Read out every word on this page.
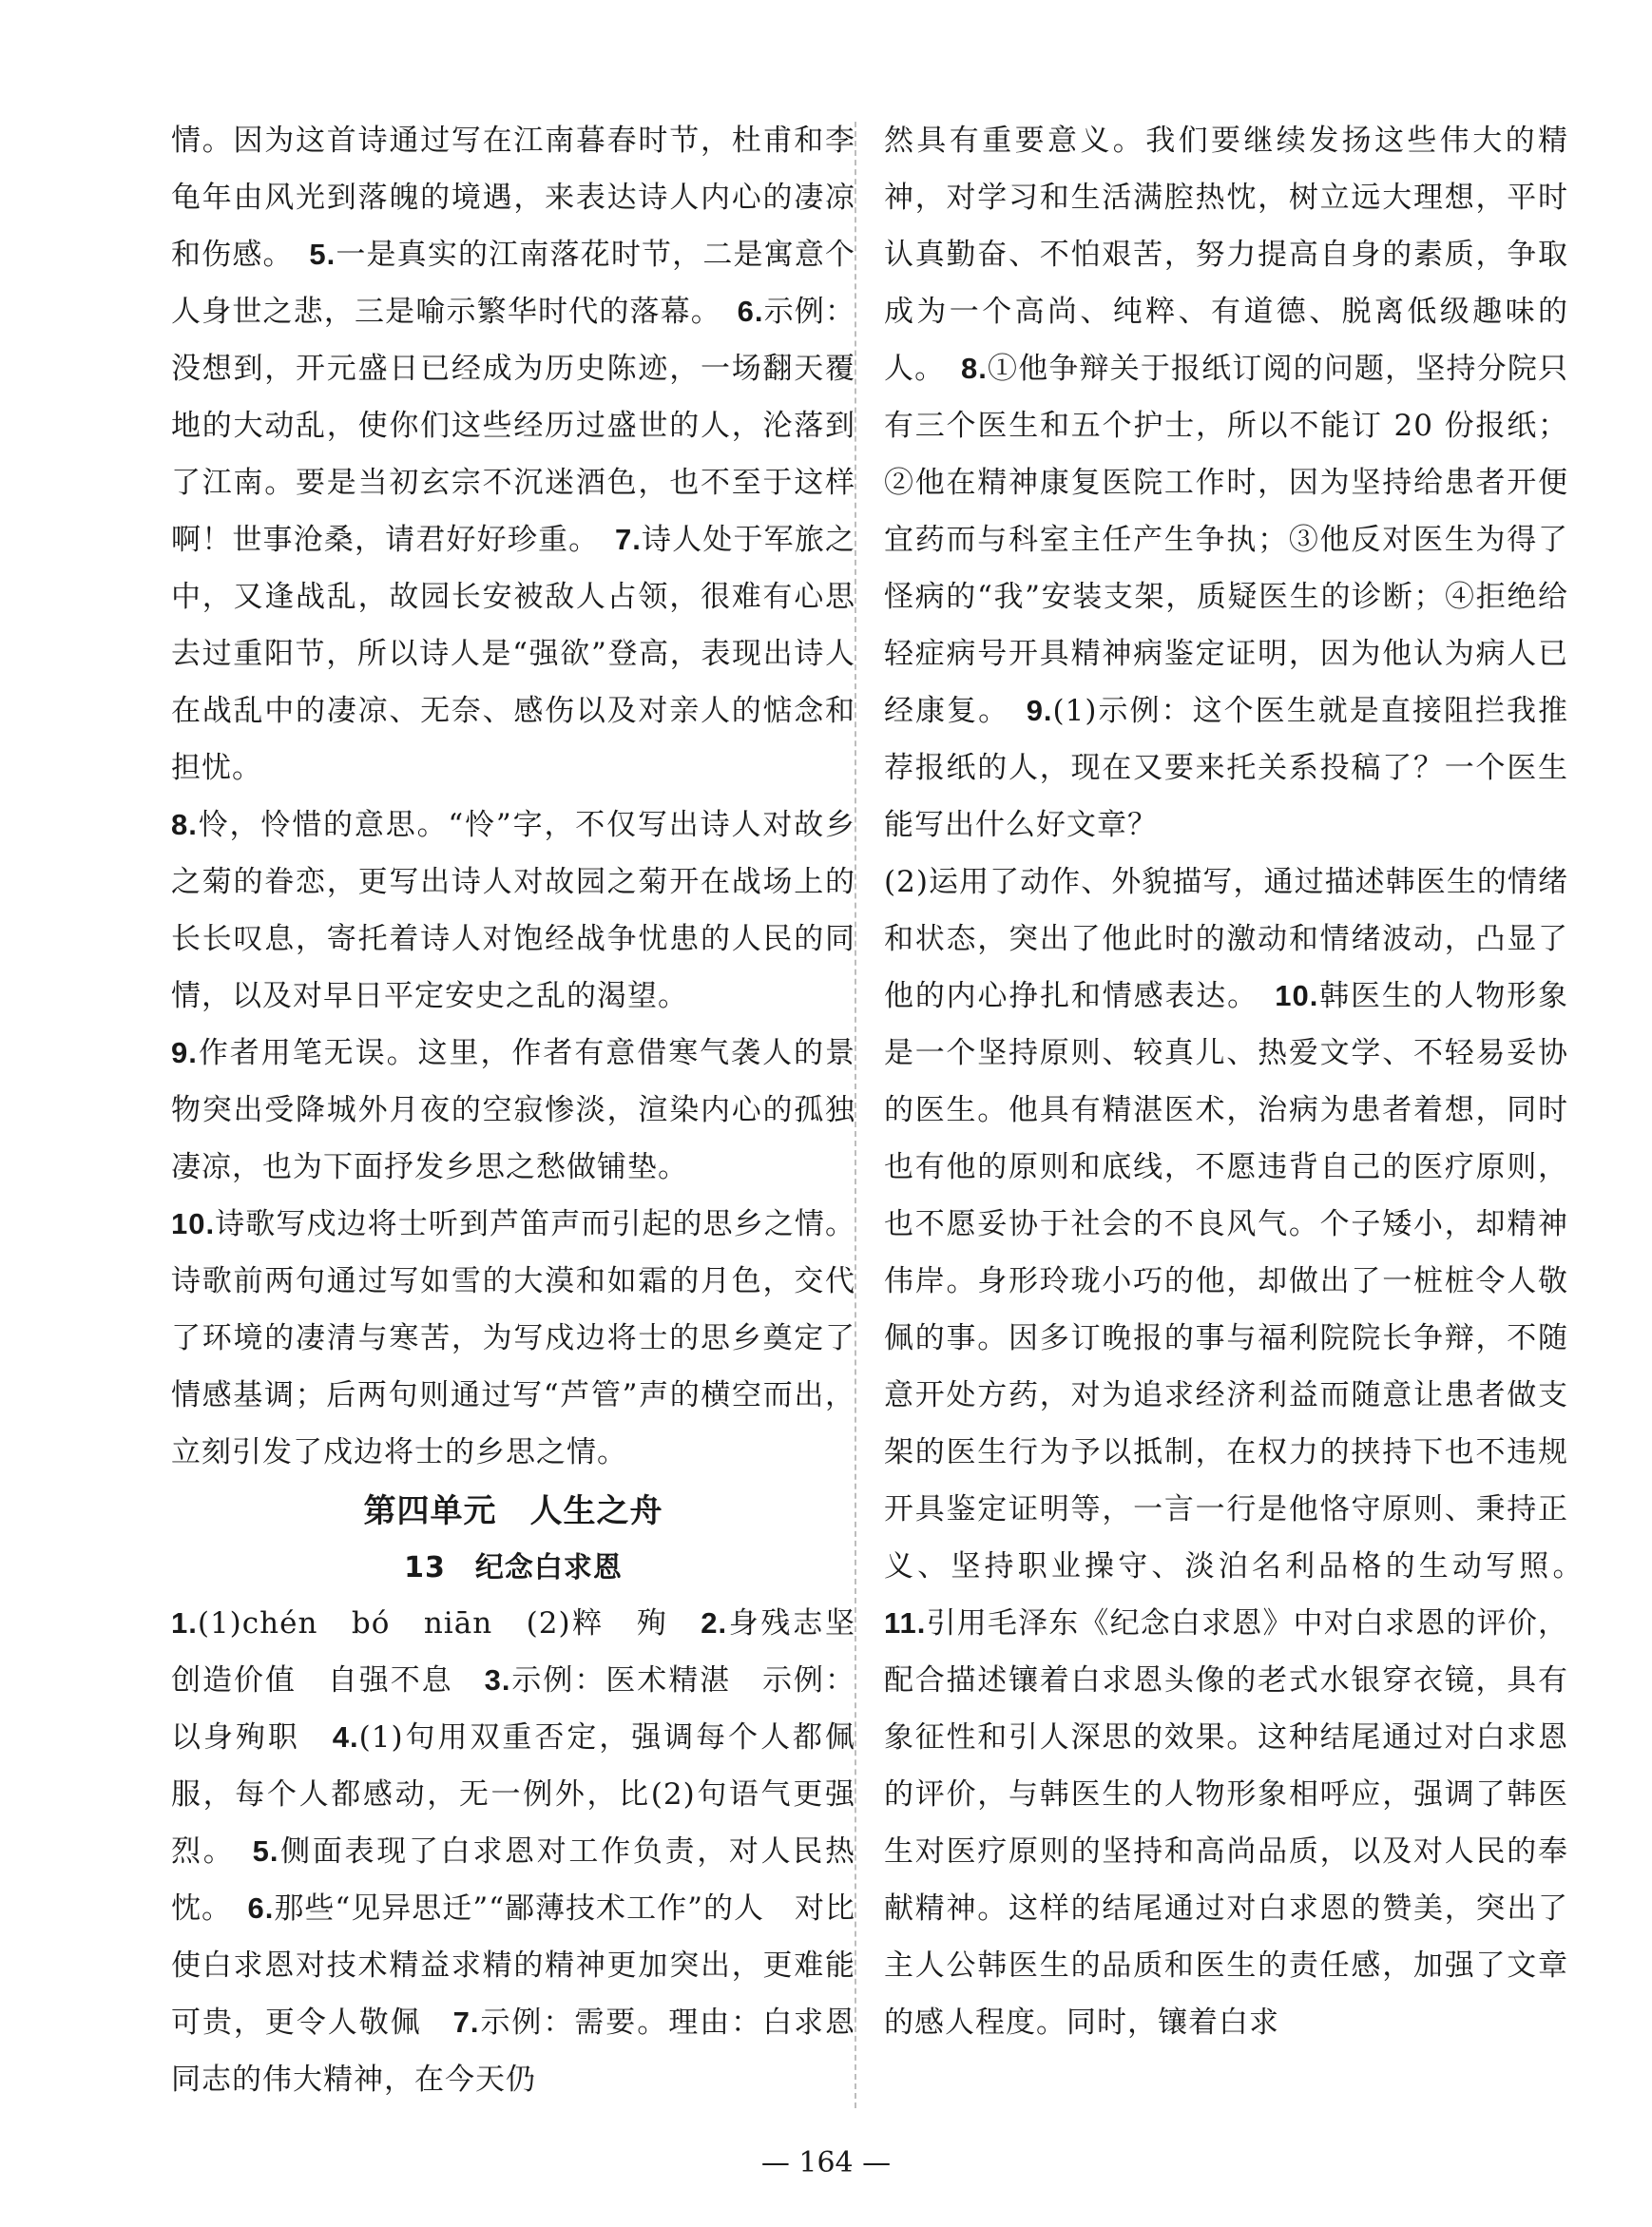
情。因为这首诗通过写在江南暮春时节，杜甫和李龟年由风光到落魄的境遇，来表达诗人内心的凄凉和伤感。　5.一是真实的江南落花时节，二是寓意个人身世之悲，三是喻示繁华时代的落幕。　6.示例：没想到，开元盛日已经成为历史陈迹，一场翻天覆地的大动乱，使你们这些经历过盛世的人，沦落到了江南。要是当初玄宗不沉迷酒色，也不至于这样啊！世事沧桑，请君好好珍重。　7.诗人处于军旅之中，又逢战乱，故园长安被敌人占领，很难有心思去过重阳节，所以诗人是“强欲”登高，表现出诗人在战乱中的凄凉、无奈、感伤以及对亲人的惦念和担忧。

8.怜，怜惜的意思。“怜”字，不仅写出诗人对故乡之菊的眷恋，更写出诗人对故园之菊开在战场上的长长叹息，寄托着诗人对饱经战争忧患的人民的同情，以及对早日平定安史之乱的渴望。

9.作者用笔无误。这里，作者有意借寒气袭人的景物突出受降城外月夜的空寂惨淡，渲染内心的孤独凄凉，也为下面抒发乡思之愁做铺垫。

10.诗歌写戍边将士听到芦笛声而引起的思乡之情。诗歌前两句通过写如雪的大漠和如霜的月色，交代了环境的凄清与寒苦，为写戍边将士的思乡奠定了情感基调；后两句则通过写“芦管”声的横空而出，立刻引发了戍边将士的乡思之情。

第四单元　人生之舟

13　纪念白求恩

1.(1)chén　bó　niān　(2)粹　殉　2.身残志坚创造价值　自强不息　3.示例：医术精湛　示例：以身殉职　4.(1)句用双重否定，强调每个人都佩服，每个人都感动，无一例外，比(2)句语气更强烈。　5.侧面表现了白求恩对工作负责，对人民热忱。　6.那些“见异思迁”“鄙薄技术工作”的人　对比　使白求恩对技术精益求精的精神更加突出，更难能可贵，更令人敬佩　7.示例：需要。理由：白求恩同志的伟大精神，在今天仍

然具有重要意义。我们要继续发扬这些伟大的精神，对学习和生活满腔热忱，树立远大理想，平时认真勤奋、不怕艰苦，努力提高自身的素质，争取成为一个高尚、纯粹、有道德、脱离低级趣味的人。　8.①他争辩关于报纸订阅的问题，坚持分院只有三个医生和五个护士，所以不能订 20 份报纸；②他在精神康复医院工作时，因为坚持给患者开便宜药而与科室主任产生争执；③他反对医生为得了怪病的“我”安装支架，质疑医生的诊断；④拒绝给轻症病号开具精神病鉴定证明，因为他认为病人已经康复。　9.(1)示例：这个医生就是直接阻拦我推荐报纸的人，现在又要来托关系投稿了？一个医生能写出什么好文章？

(2)运用了动作、外貌描写，通过描述韩医生的情绪和状态，突出了他此时的激动和情绪波动，凸显了他的内心挣扎和情感表达。　10.韩医生的人物形象是一个坚持原则、较真儿、热爱文学、不轻易妥协的医生。他具有精湛医术，治病为患者着想，同时也有他的原则和底线，不愿违背自己的医疗原则，也不愿妥协于社会的不良风气。个子矮小，却精神伟岸。身形玲珑小巧的他，却做出了一桩桩令人敬佩的事。因多订晚报的事与福利院院长争辩，不随意开处方药，对为追求经济利益而随意让患者做支架的医生行为予以抵制，在权力的挟持下也不违规开具鉴定证明等，一言一行是他恪守原则、秉持正义、坚持职业操守、淡泊名利品格的生动写照。　11.引用毛泽东《纪念白求恩》中对白求恩的评价，配合描述镶着白求恩头像的老式水银穿衣镜，具有象征性和引人深思的效果。这种结尾通过对白求恩的评价，与韩医生的人物形象相呼应，强调了韩医生对医疗原则的坚持和高尚品质，以及对人民的奉献精神。这样的结尾通过对白求恩的赞美，突出了主人公韩医生的品质和医生的责任感，加强了文章的感人程度。同时，镶着白求

— 164 —
